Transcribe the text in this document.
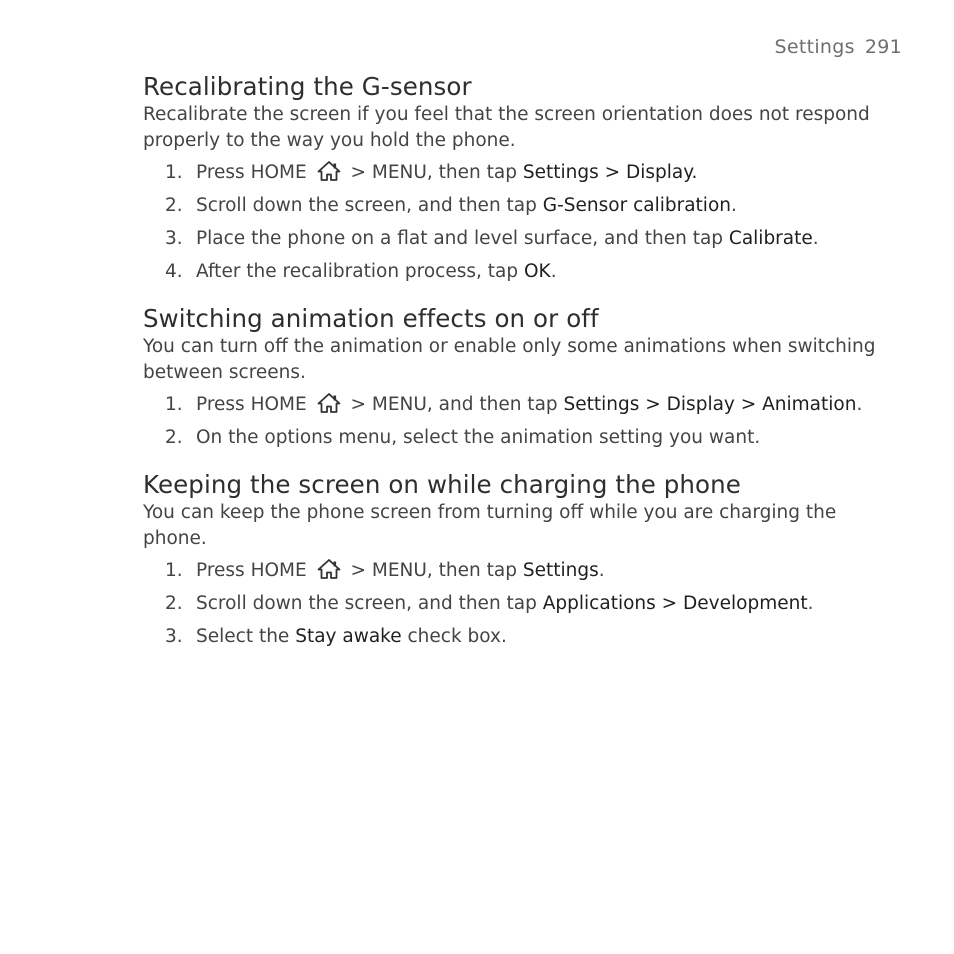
Settings 291
Recalibrating the G-sensor

Recalibrate the screen if you feel that the screen orientation does not respond properly to the way you hold the phone.

1. Press HOME  > MENU, then tap Settings > Display.
2. Scroll down the screen, and then tap G-Sensor calibration.
3. Place the phone on a flat and level surface, and then tap Calibrate.
4. After the recalibration process, tap OK.
Switching animation effects on or off

You can turn off the animation or enable only some animations when switching between screens.

1. Press HOME  > MENU, and then tap Settings > Display > Animation.
2. On the options menu, select the animation setting you want.
Keeping the screen on while charging the phone

You can keep the phone screen from turning off while you are charging the phone.

1. Press HOME  > MENU, then tap Settings.
2. Scroll down the screen, and then tap Applications > Development.
3. Select the Stay awake check box.
